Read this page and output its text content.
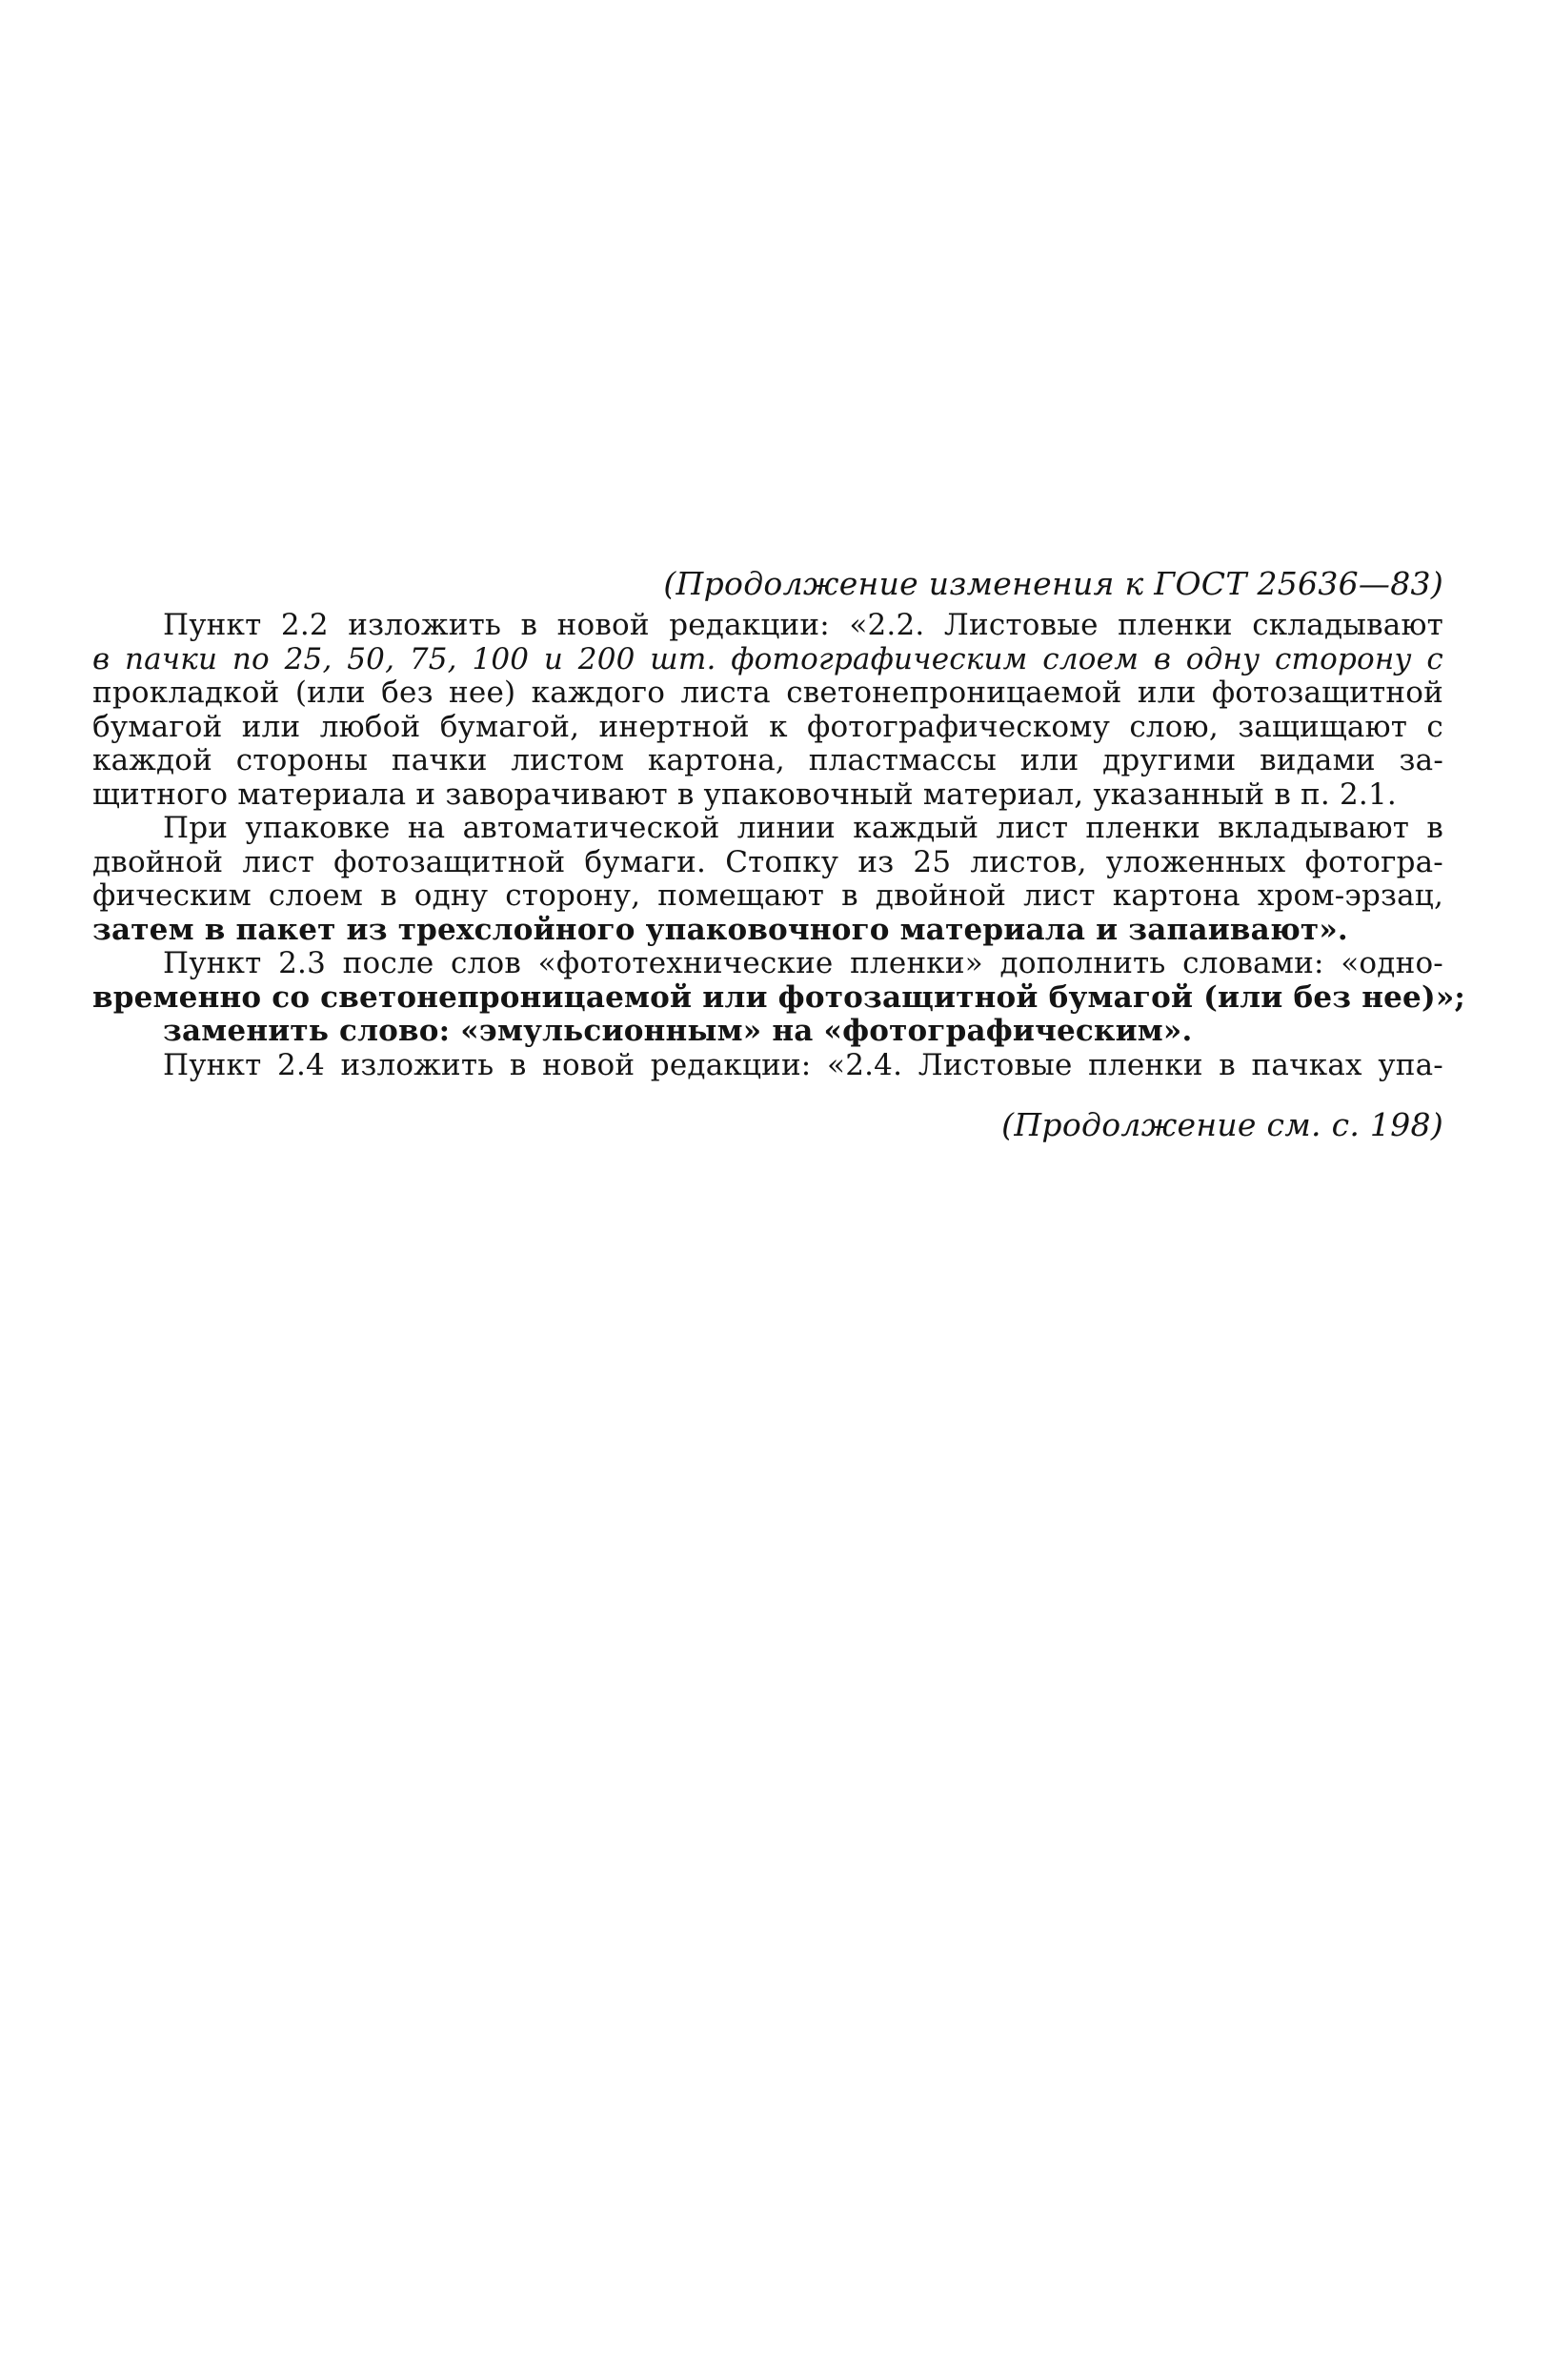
(Продолжение изменения к ГОСТ 25636—83)
Пункт 2.2 изложить в новой редакции: «2.2. Листовые пленки складывают
в пачки по 25, 50, 75, 100 и 200 шт. фотографическим слоем в одну сторону с
прокладкой (или без нее) каждого листа светонепроницаемой или фотозащитной
бумагой или любой бумагой, инертной к фотографическому слою, защищают с
каждой стороны пачки листом картона, пластмассы или другими видами за-
щитного материала и заворачивают в упаковочный материал, указанный в п. 2.1.
При упаковке на автоматической линии каждый лист пленки вкладывают в
двойной лист фотозащитной бумаги. Стопку из 25 листов, уложенных фотогра-
фическим слоем в одну сторону, помещают в двойной лист картона хром-эрзац,
затем в пакет из трехслойного упаковочного материала и запаивают».
Пункт 2.3 после слов «фототехнические пленки» дополнить словами: «одно-
временно со светонепроницаемой или фотозащитной бумагой (или без нее)»;
заменить слово: «эмульсионным» на «фотографическим».
Пункт 2.4 изложить в новой редакции: «2.4. Листовые пленки в пачках упа-
(Продолжение см. с. 198)
